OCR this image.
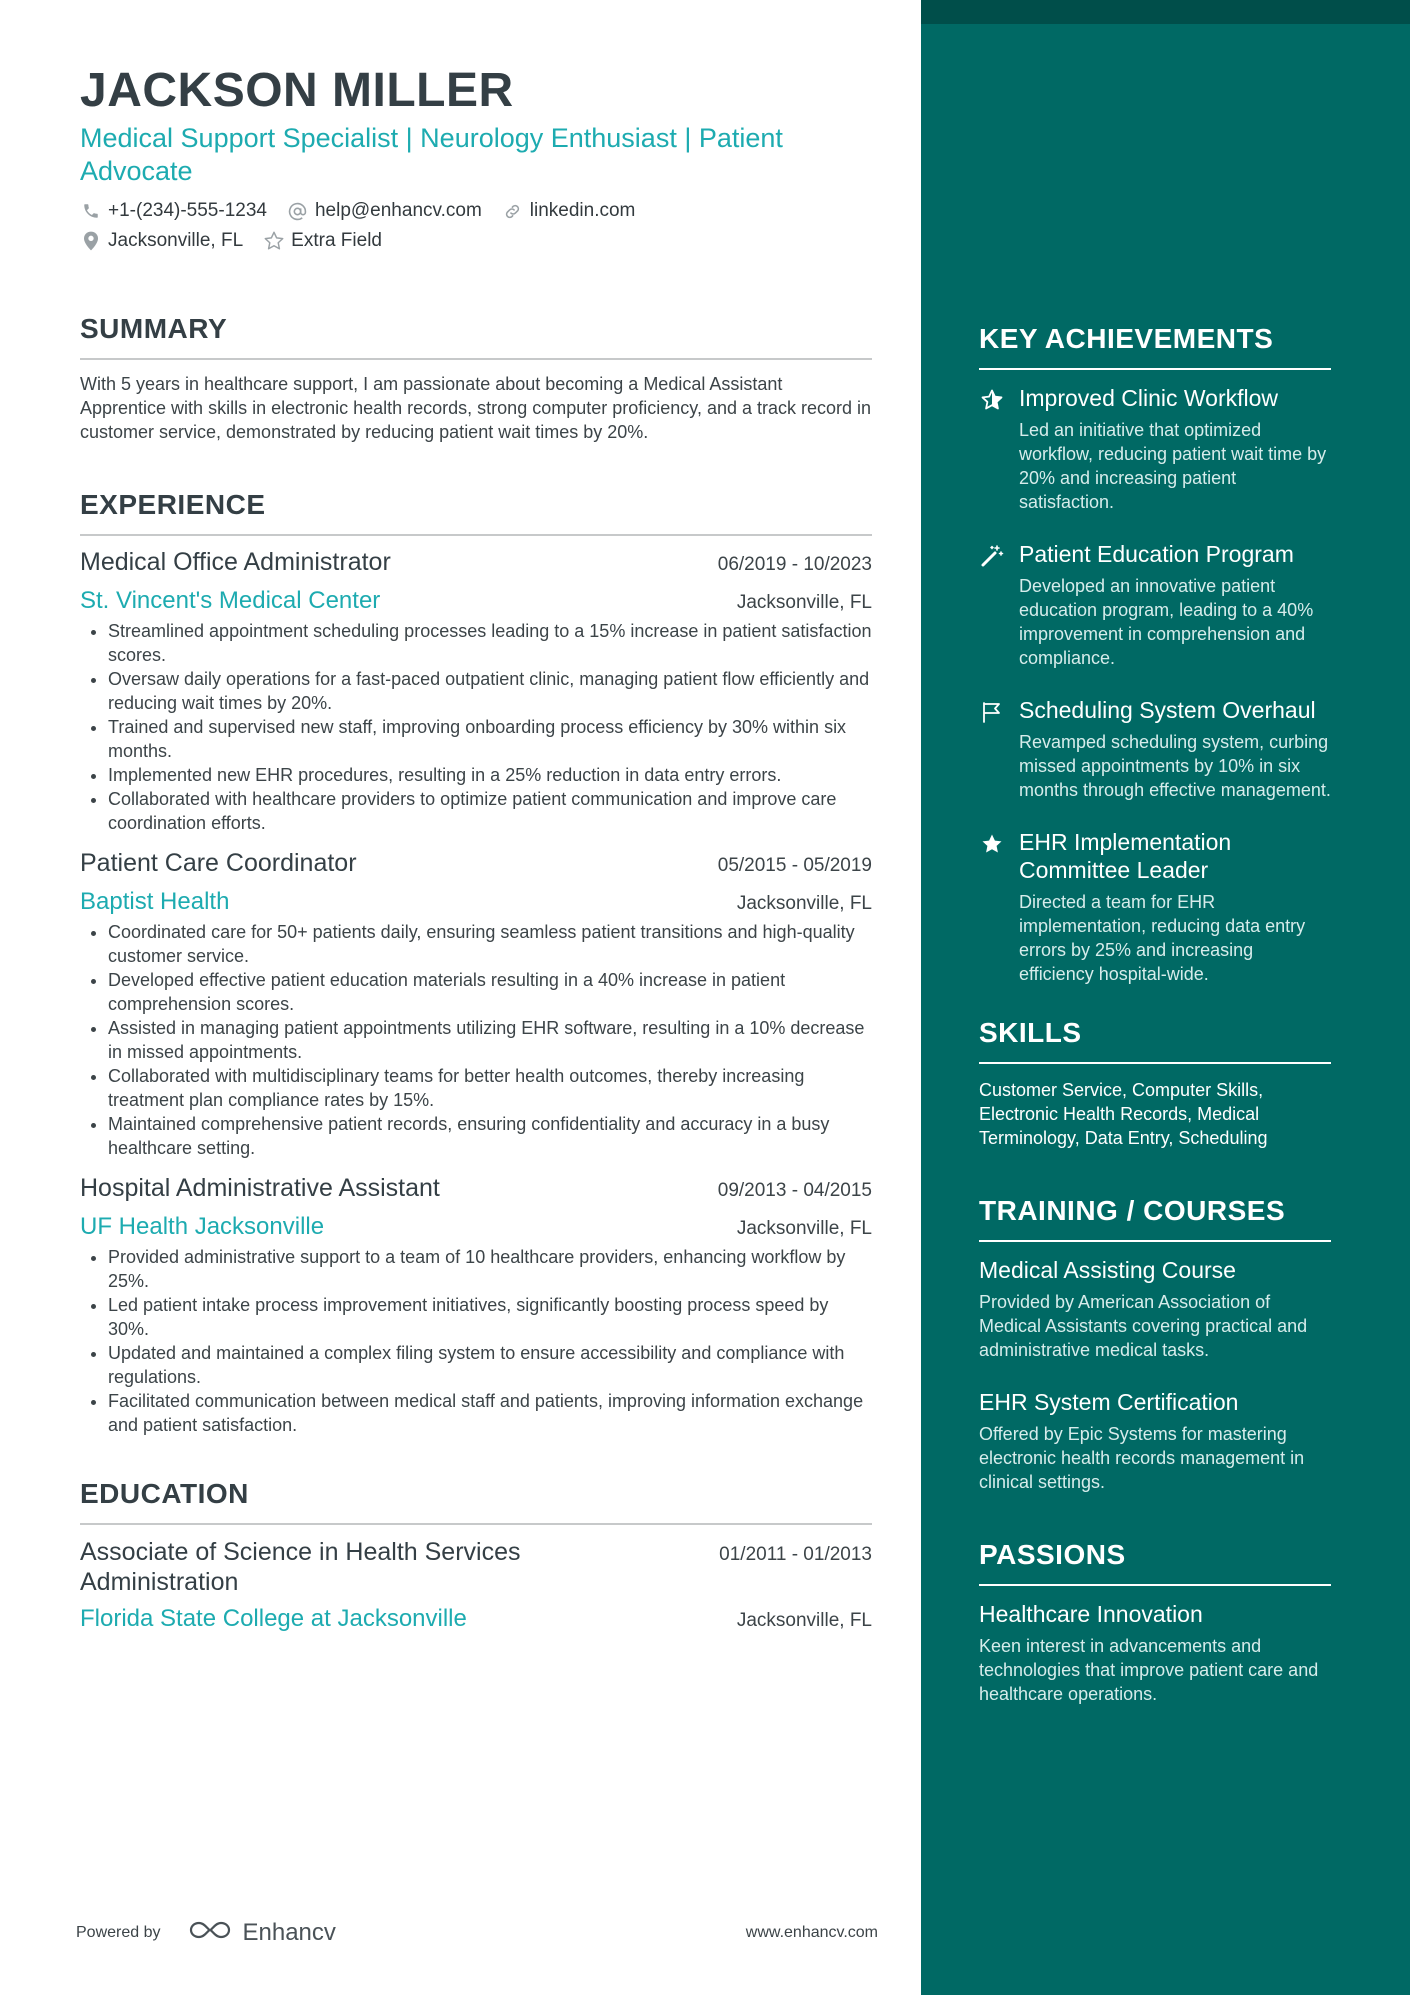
JACKSON MILLER
Medical Support Specialist | Neurology Enthusiast | Patient Advocate
+1-(234)-555-1234	help@enhancv.com	linkedin.com
Jacksonville, FL	Extra Field
SUMMARY

With 5 years in healthcare support, I am passionate about becoming a Medical Assistant Apprentice with skills in electronic health records, strong computer proficiency, and a track record in customer service, demonstrated by reducing patient wait times by 20%.

EXPERIENCE
Medical Office Administrator	06/2019 - 10/2023
St. Vincent's Medical Center	Jacksonville, FL
• Streamlined appointment scheduling processes leading to a 15% increase in patient satisfaction scores.
• Oversaw daily operations for a fast-paced outpatient clinic, managing patient flow efficiently and reducing wait times by 20%.
• Trained and supervised new staff, improving onboarding process efficiency by 30% within six months.
• Implemented new EHR procedures, resulting in a 25% reduction in data entry errors.
• Collaborated with healthcare providers to optimize patient communication and improve care coordination efforts.
Patient Care Coordinator	05/2015 - 05/2019
Baptist Health	Jacksonville, FL
• Coordinated care for 50+ patients daily, ensuring seamless patient transitions and high-quality customer service.
• Developed effective patient education materials resulting in a 40% increase in patient comprehension scores.
• Assisted in managing patient appointments utilizing EHR software, resulting in a 10% decrease in missed appointments.
• Collaborated with multidisciplinary teams for better health outcomes, thereby increasing treatment plan compliance rates by 15%.
• Maintained comprehensive patient records, ensuring confidentiality and accuracy in a busy healthcare setting.
Hospital Administrative Assistant	09/2013 - 04/2015
UF Health Jacksonville	Jacksonville, FL
• Provided administrative support to a team of 10 healthcare providers, enhancing workflow by 25%.
• Led patient intake process improvement initiatives, significantly boosting process speed by 30%.
• Updated and maintained a complex filing system to ensure accessibility and compliance with regulations.
• Facilitated communication between medical staff and patients, improving information exchange and patient satisfaction.
EDUCATION
Associate of Science in Health Services Administration
01/2011 - 01/2013
Florida State College at Jacksonville	Jacksonville, FL
Powered by	Enhancv	www.enhancv.com
KEY ACHIEVEMENTS
Improved Clinic Workflow
Led an initiative that optimized workflow, reducing patient wait time by 20% and increasing patient satisfaction.
Patient Education Program
Developed an innovative patient education program, leading to a 40% improvement in comprehension and compliance.
Scheduling System Overhaul
Revamped scheduling system, curbing missed appointments by 10% in six months through effective management.
EHR Implementation Committee Leader
Directed a team for EHR implementation, reducing data entry errors by 25% and increasing efficiency hospital-wide.
SKILLS
Customer Service, Computer Skills, Electronic Health Records, Medical Terminology, Data Entry, Scheduling
TRAINING / COURSES
Medical Assisting Course
Provided by American Association of Medical Assistants covering practical and administrative medical tasks.
EHR System Certification
Offered by Epic Systems for mastering electronic health records management in clinical settings.
PASSIONS
Healthcare Innovation
Keen interest in advancements and technologies that improve patient care and healthcare operations.
